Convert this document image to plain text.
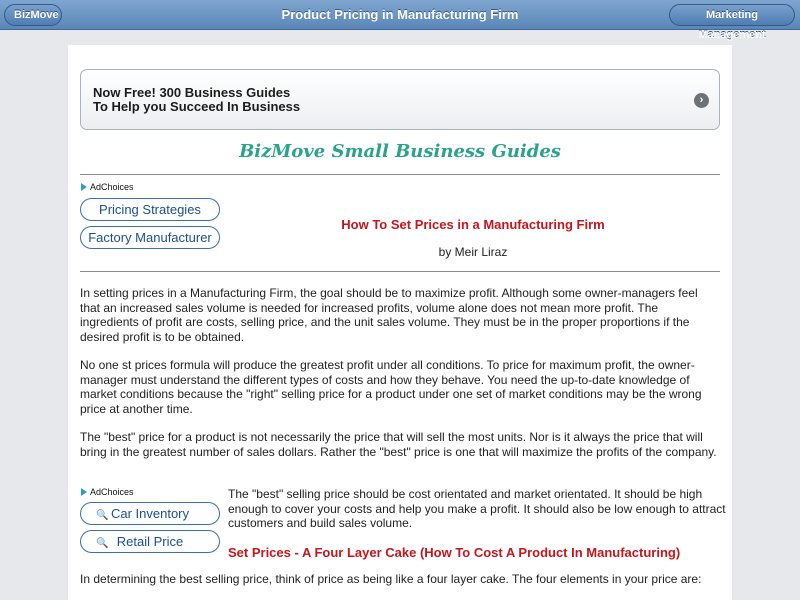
BizMove	Product Pricing in Manufacturing Firm	Marketing Management
Now Free! 300 Business Guides
To Help you Succeed In Business	›
BizMove Small Business Guides
AdChoices
Pricing Strategies
Factory Manufacturer
How To Set Prices in a Manufacturing Firm
by Meir Liraz
In setting prices in a Manufacturing Firm, the goal should be to maximize profit. Although some owner-managers feel that an increased sales volume is needed for increased profits, volume alone does not mean more profit. The ingredients of profit are costs, selling price, and the unit sales volume. They must be in the proper proportions if the desired profit is to be obtained.
No one st prices formula will produce the greatest profit under all conditions. To price for maximum profit, the owner-manager must understand the different types of costs and how they behave. You need the up-to-date knowledge of market conditions because the "right" selling price for a product under one set of market conditions may be the wrong price at another time.
The "best" price for a product is not necessarily the price that will sell the most units. Nor is it always the price that will bring in the greatest number of sales dollars. Rather the "best" price is one that will maximize the profits of the company.
AdChoices
🔍 Car Inventory
🔍 Retail Price
The "best" selling price should be cost orientated and market orientated. It should be high enough to cover your costs and help you make a profit. It should also be low enough to attract customers and build sales volume.
Set Prices - A Four Layer Cake (How To Cost A Product In Manufacturing)
In determining the best selling price, think of price as being like a four layer cake. The four elements in your price are:
